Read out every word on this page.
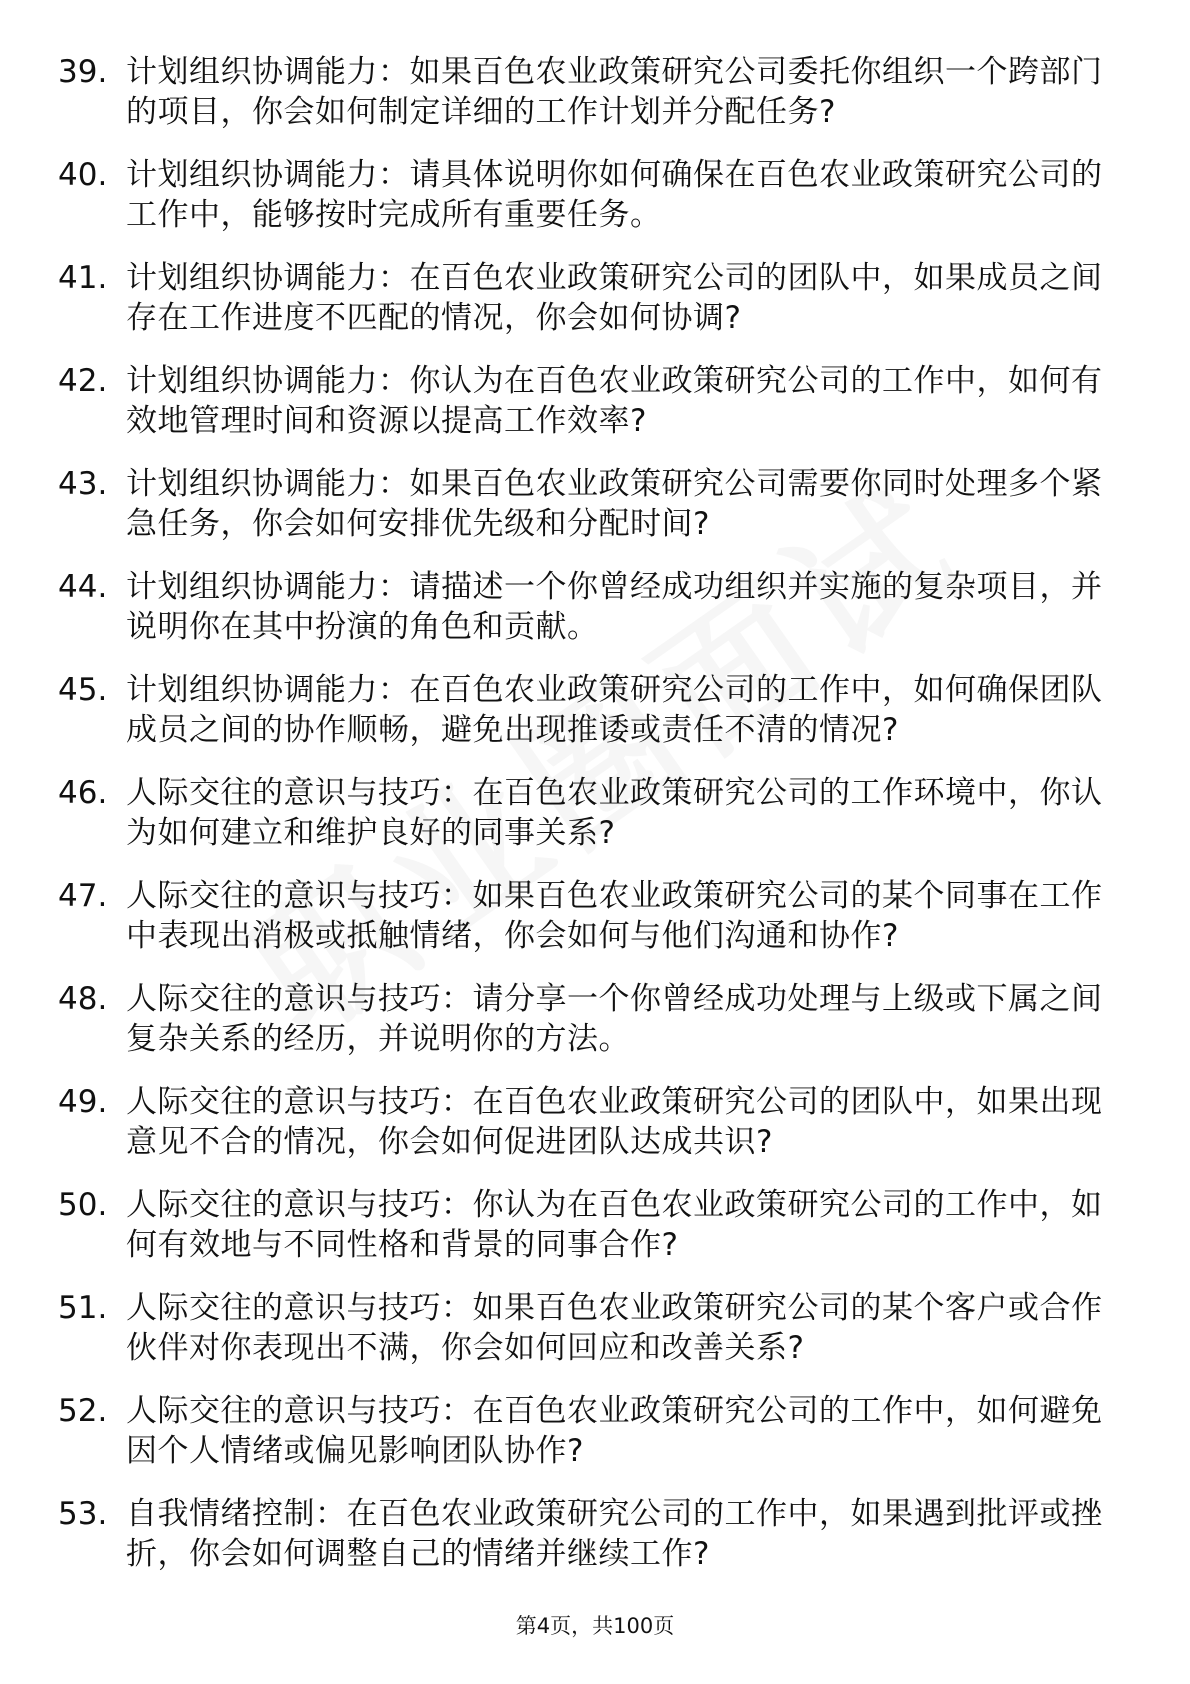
39. 计划组织协调能力：如果百色农业政策研究公司委托你组织一个跨部门的项目，你会如何制定详细的工作计划并分配任务?
40. 计划组织协调能力：请具体说明你如何确保在百色农业政策研究公司的工作中，能够按时完成所有重要任务。
41. 计划组织协调能力：在百色农业政策研究公司的团队中，如果成员之间存在工作进度不匹配的情况，你会如何协调?
42. 计划组织协调能力：你认为在百色农业政策研究公司的工作中，如何有效地管理时间和资源以提高工作效率?
43. 计划组织协调能力：如果百色农业政策研究公司需要你同时处理多个紧急任务，你会如何安排优先级和分配时间?
44. 计划组织协调能力：请描述一个你曾经成功组织并实施的复杂项目，并说明你在其中扮演的角色和贡献。
45. 计划组织协调能力：在百色农业政策研究公司的工作中，如何确保团队成员之间的协作顺畅，避免出现推诿或责任不清的情况?
46. 人际交往的意识与技巧：在百色农业政策研究公司的工作环境中，你认为如何建立和维护良好的同事关系?
47. 人际交往的意识与技巧：如果百色农业政策研究公司的某个同事在工作中表现出消极或抵触情绪，你会如何与他们沟通和协作?
48. 人际交往的意识与技巧：请分享一个你曾经成功处理与上级或下属之间复杂关系的经历，并说明你的方法。
49. 人际交往的意识与技巧：在百色农业政策研究公司的团队中，如果出现意见不合的情况，你会如何促进团队达成共识?
50. 人际交往的意识与技巧：你认为在百色农业政策研究公司的工作中，如何有效地与不同性格和背景的同事合作?
51. 人际交往的意识与技巧：如果百色农业政策研究公司的某个客户或合作伙伴对你表现出不满，你会如何回应和改善关系?
52. 人际交往的意识与技巧：在百色农业政策研究公司的工作中，如何避免因个人情绪或偏见影响团队协作?
53. 自我情绪控制：在百色农业政策研究公司的工作中，如果遇到批评或挫折，你会如何调整自己的情绪并继续工作?
第4页，共100页
